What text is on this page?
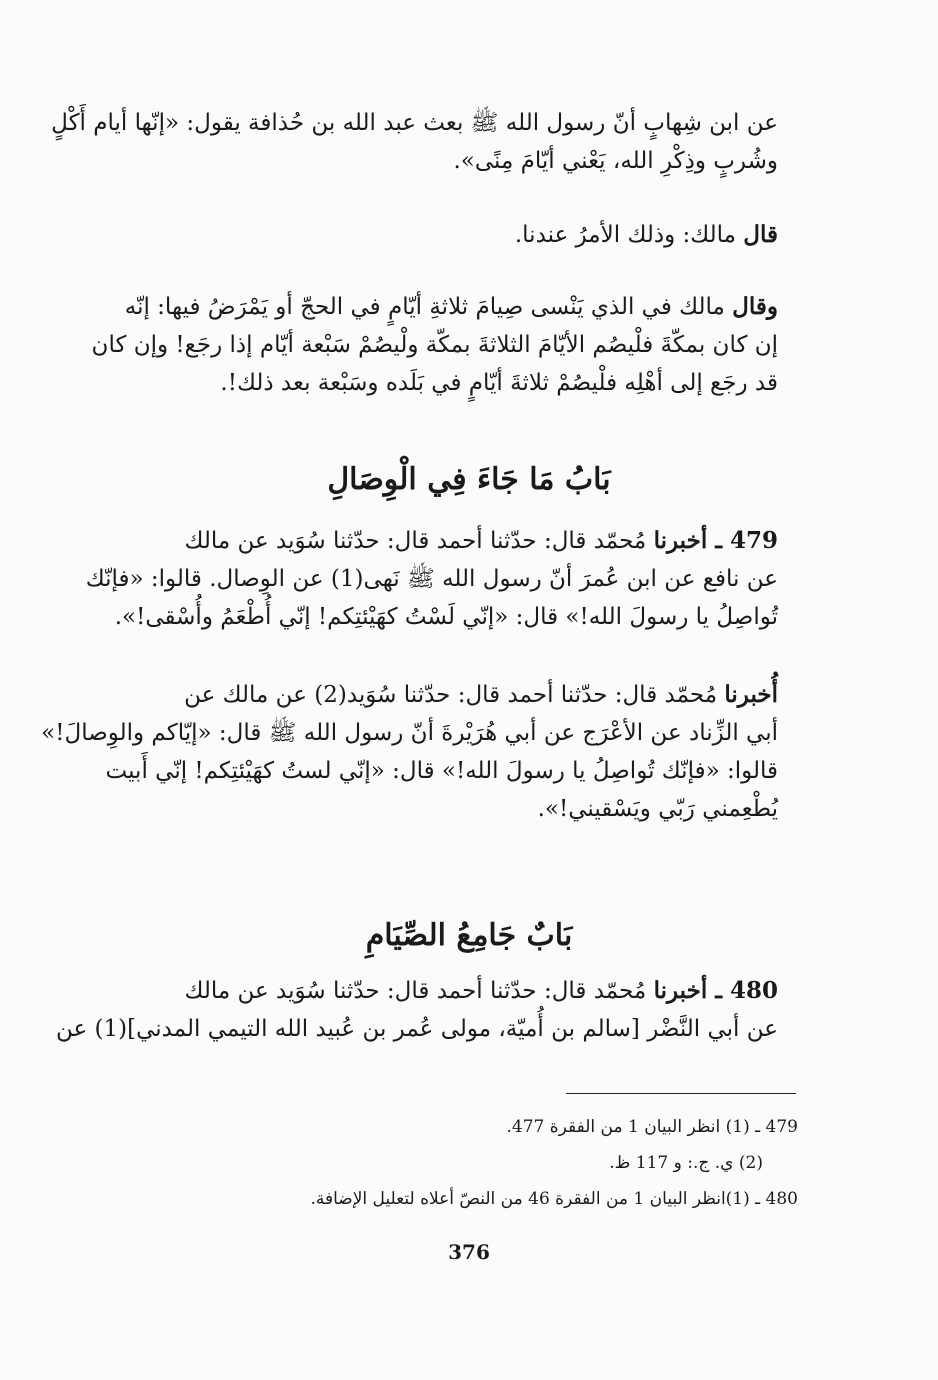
عن ابن شِهابٍ أنّ رسول الله ﷺ بعث عبد الله بن حُذافة يقول: «إنّها أيام أَكْلٍ
وشُربٍ وذِكْرِ الله، يَعْني أيّامَ مِنًى».
قال مالك: وذلك الأمرُ عندنا.
وقال مالك في الذي يَنْسى صِيامَ ثلاثةِ أيّامٍ في الحجّ أو يَمْرَضُ فيها: إنّه
إن كان بمكّةَ فلْيصُم الأيّامَ الثلاثةَ بمكّة ولْيصُمْ سَبْعة أيّام إذا رجَع! وإن كان
قد رجَع إلى أهْلِه فلْيصُمْ ثلاثةَ أيّامٍ في بَلَده وسَبْعة بعد ذلك!.
بَابُ مَا جَاءَ فِي الْوِصَالِ
479 ـ أخبرنا مُحمّد قال: حدّثنا أحمد قال: حدّثنا سُوَيد عن مالك
عن نافع عن ابن عُمرَ أنّ رسول الله ﷺ نَهى(1) عن الوِصال. قالوا: «فإنّك
تُواصِلُ يا رسولَ الله!» قال: «إنّي لَسْتُ كهَيْئتِكم! إنّي أُطْعَمُ وأُسْقى!».
أُخبرنا مُحمّد قال: حدّثنا أحمد قال: حدّثنا سُوَيد(2) عن مالك عن
أبي الزِّناد عن الأعْرَج عن أبي هُرَيْرةَ أنّ رسول الله ﷺ قال: «إيّاكم والوِصالَ!»
قالوا: «فإنّك تُواصِلُ يا رسولَ الله!» قال: «إنّي لستُ كهَيْئتِكم! إنّي أَبيت
يُطْعِمني رَبّي ويَسْقيني!».
بَابٌ جَامِعُ الصِّيَامِ
480 ـ أخبرنا مُحمّد قال: حدّثنا أحمد قال: حدّثنا سُوَيد عن مالك
عن أبي النَّضْر [سالم بن أُميّة، مولى عُمر بن عُبيد الله التيمي المدني](1) عن
479 ـ (1) انظر البيان 1 من الفقرة 477.
(2) ي. ج.: و 117 ظ.
480 ـ (1)انظر البيان 1 من الفقرة 46 من النصّ أعلاه لتعليل الإضافة.
376
